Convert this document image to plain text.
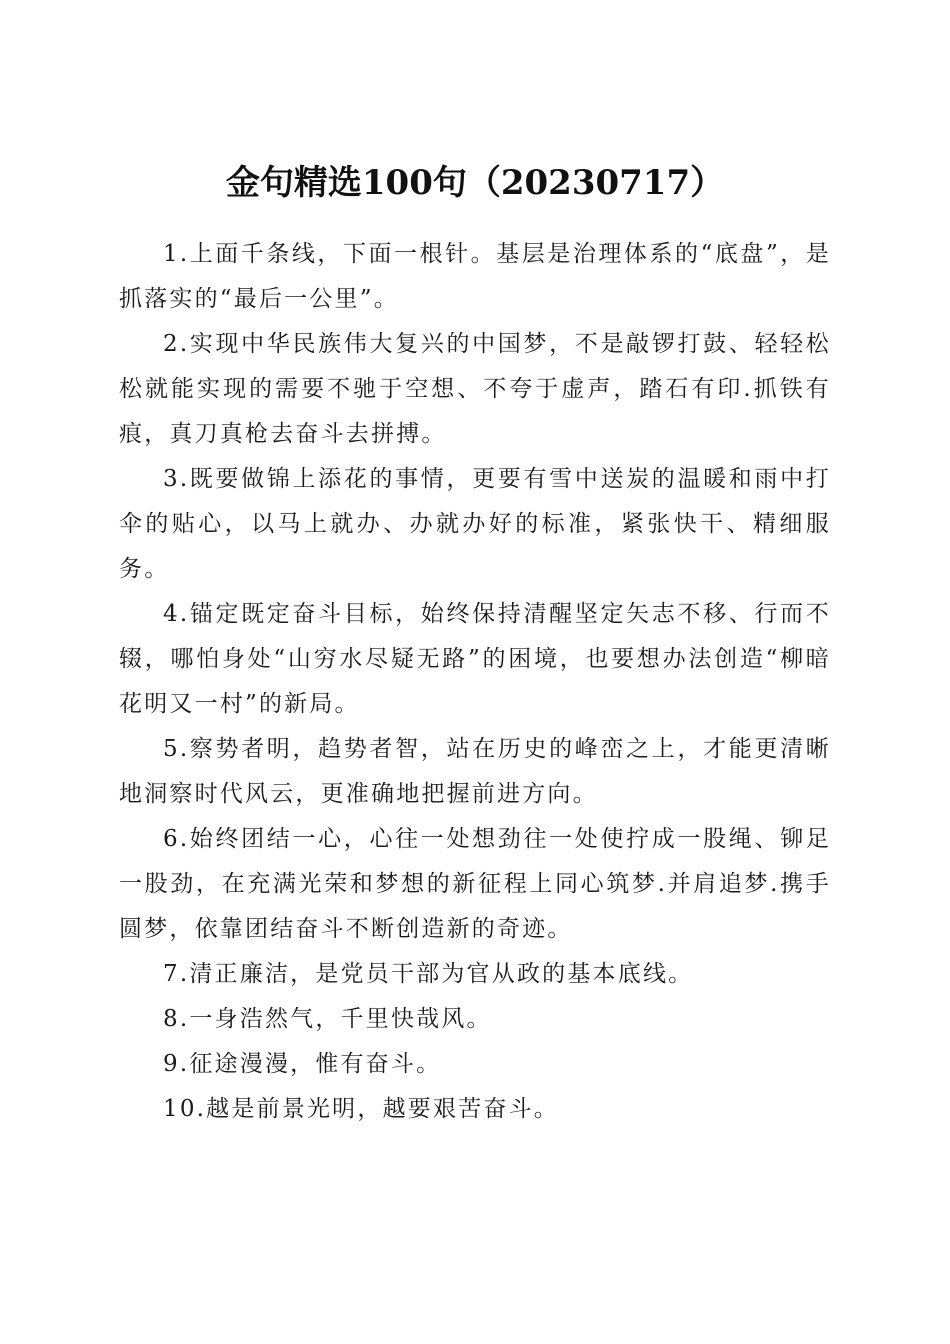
金句精选100句（20230717）

1.上面千条线，下面一根针。基层是治理体系的“底盘”，是抓落实的“最后一公里”。

2.实现中华民族伟大复兴的中国梦，不是敲锣打鼓、轻轻松松就能实现的需要不驰于空想、不夸于虚声，踏石有印.抓铁有痕，真刀真枪去奋斗去拼搏。

3.既要做锦上添花的事情，更要有雪中送炭的温暖和雨中打伞的贴心，以马上就办、办就办好的标准，紧张快干、精细服务。

4.锚定既定奋斗目标，始终保持清醒坚定矢志不移、行而不辍，哪怕身处“山穷水尽疑无路”的困境，也要想办法创造“柳暗花明又一村”的新局。

5.察势者明，趋势者智，站在历史的峰峦之上，才能更清晰地洞察时代风云，更准确地把握前进方向。

6.始终团结一心，心往一处想劲往一处使拧成一股绳、铆足一股劲，在充满光荣和梦想的新征程上同心筑梦.并肩追梦.携手圆梦，依靠团结奋斗不断创造新的奇迹。

7.清正廉洁，是党员干部为官从政的基本底线。

8.一身浩然气，千里快哉风。

9.征途漫漫，惟有奋斗。

10.越是前景光明，越要艰苦奋斗。
